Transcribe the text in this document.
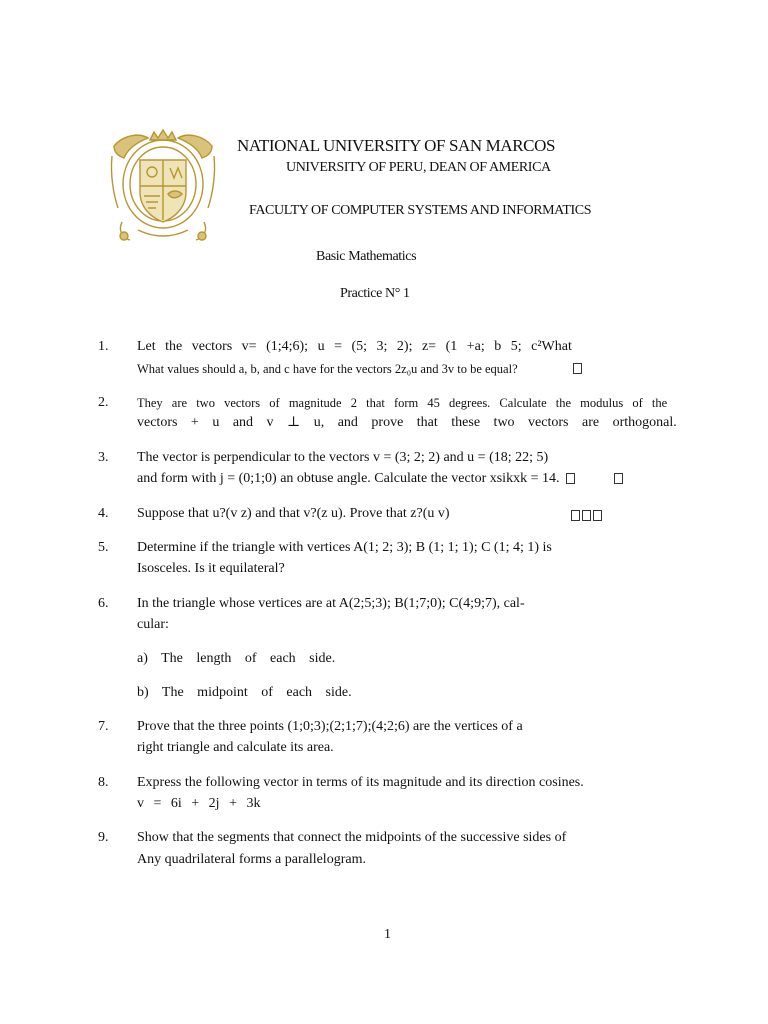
NATIONAL UNIVERSITY OF SAN MARCOS
UNIVERSITY OF PERU, DEAN OF AMERICA
FACULTY OF COMPUTER SYSTEMS AND INFORMATICS
Basic Mathematics
Practice N° 1
1. Let the vectors v= (1;4;6); u = (5; 3; 2); z= (1 +a; b 5; c²What
What values should a, b, and c have for the vectors 2z₀u and 3v to be equal?
2. They are two vectors of magnitude 2 that form 45 degrees. Calculate the modulus of the
vectors + u and v ⊥ u, and prove that these two vectors are orthogonal.
3. The vector is perpendicular to the vectors v = (3; 2; 2) and u = (18; 22; 5)
and form with j = (0;1;0) an obtuse angle. Calculate the vector xsikxk = 14.
4. Suppose that u?(v z) and that v?(z u). Prove that z?(u v)
5. Determine if the triangle with vertices A(1; 2; 3); B (1; 1; 1); C (1; 4; 1) is
Isosceles. Is it equilateral?
6. In the triangle whose vertices are at A(2;5;3); B(1;7;0); C(4;9;7), cal-
cular:
a) The length of each side.
b) The midpoint of each side.
7. Prove that the three points (1;0;3);(2;1;7);(4;2;6) are the vertices of a
right triangle and calculate its area.
8. Express the following vector in terms of its magnitude and its direction cosines.
v = 6i + 2j + 3k
9. Show that the segments that connect the midpoints of the successive sides of
Any quadrilateral forms a parallelogram.
1
